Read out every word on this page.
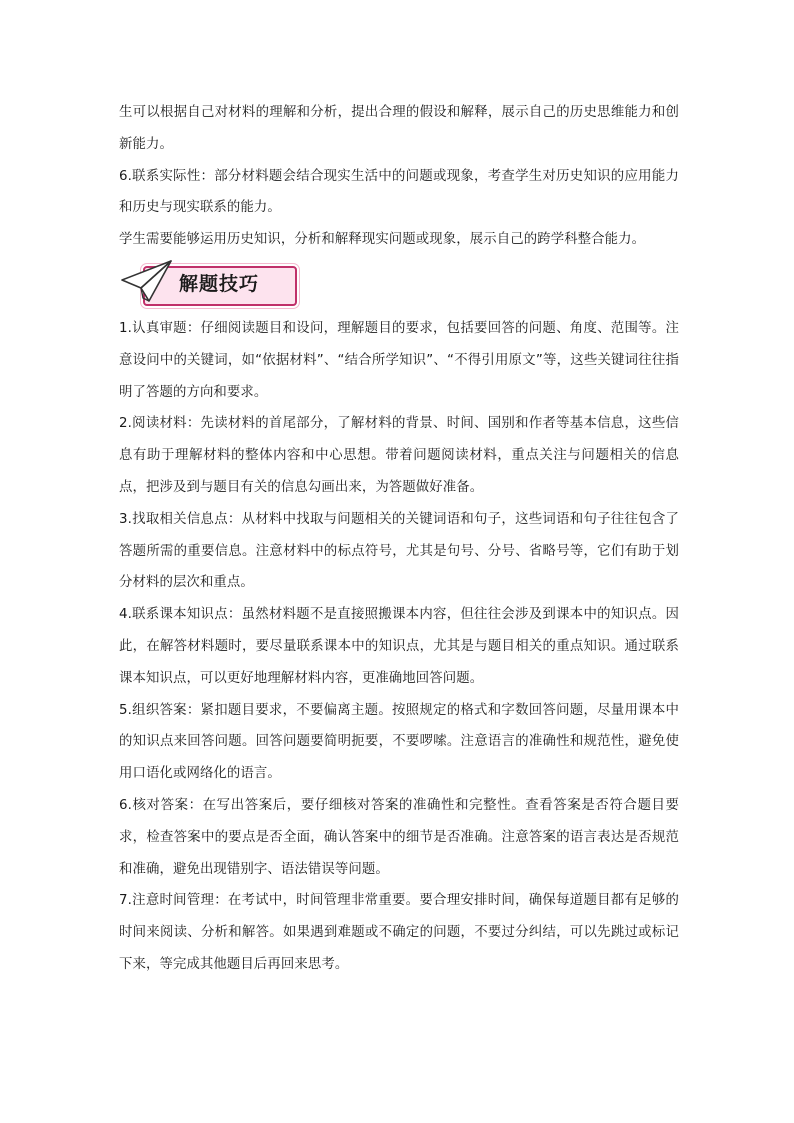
生可以根据自己对材料的理解和分析，提出合理的假设和解释，展示自己的历史思维能力和创新能力。

6.联系实际性：部分材料题会结合现实生活中的问题或现象，考查学生对历史知识的应用能力和历史与现实联系的能力。

学生需要能够运用历史知识，分析和解释现实问题或现象，展示自己的跨学科整合能力。

解题技巧

1.认真审题：仔细阅读题目和设问，理解题目的要求，包括要回答的问题、角度、范围等。注意设问中的关键词，如“依据材料”、“结合所学知识”、“不得引用原文”等，这些关键词往往指明了答题的方向和要求。

2.阅读材料：先读材料的首尾部分，了解材料的背景、时间、国别和作者等基本信息，这些信息有助于理解材料的整体内容和中心思想。带着问题阅读材料，重点关注与问题相关的信息点，把涉及到与题目有关的信息勾画出来，为答题做好准备。

3.找取相关信息点：从材料中找取与问题相关的关键词语和句子，这些词语和句子往往包含了答题所需的重要信息。注意材料中的标点符号，尤其是句号、分号、省略号等，它们有助于划分材料的层次和重点。

4.联系课本知识点：虽然材料题不是直接照搬课本内容，但往往会涉及到课本中的知识点。因此，在解答材料题时，要尽量联系课本中的知识点，尤其是与题目相关的重点知识。通过联系课本知识点，可以更好地理解材料内容，更准确地回答问题。

5.组织答案：紧扣题目要求，不要偏离主题。按照规定的格式和字数回答问题，尽量用课本中的知识点来回答问题。回答问题要简明扼要，不要啰嗦。注意语言的准确性和规范性，避免使用口语化或网络化的语言。

6.核对答案：在写出答案后，要仔细核对答案的准确性和完整性。查看答案是否符合题目要求，检查答案中的要点是否全面，确认答案中的细节是否准确。注意答案的语言表达是否规范和准确，避免出现错别字、语法错误等问题。

7.注意时间管理：在考试中，时间管理非常重要。要合理安排时间，确保每道题目都有足够的时间来阅读、分析和解答。如果遇到难题或不确定的问题，不要过分纠结，可以先跳过或标记下来，等完成其他题目后再回来思考。
